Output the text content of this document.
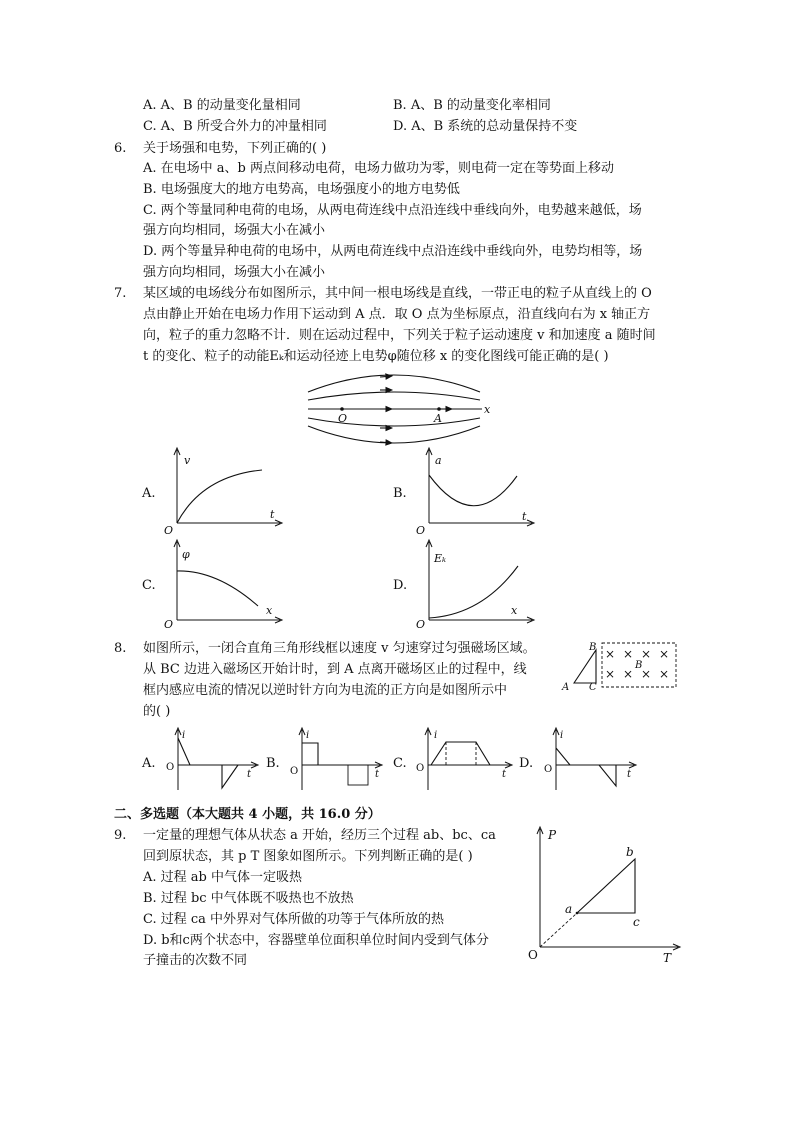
A. A、B 的动量变化量相同	B. A、B 的动量变化率相同
C. A、B 所受合外力的冲量相同	D. A、B 系统的总动量保持不变
6. 关于场强和电势，下列正确的( )
A. 在电场中 a、b 两点间移动电荷，电场力做功为零，则电荷一定在等势面上移动
B. 电场强度大的地方电势高，电场强度小的地方电势低
C. 两个等量同种电荷的电场，从两电荷连线中点沿连线中垂线向外，电势越来越低，场
强方向均相同，场强大小在减小
D. 两个等量异种电荷的电场中，从两电荷连线中点沿连线中垂线向外，电势均相等，场
强方向均相同，场强大小在减小
7. 某区域的电场线分布如图所示，其中间一根电场线是直线，一带正电的粒子从直线上的 O
点由静止开始在电场力作用下运动到 A 点．取 O 点为坐标原点，沿直线向右为 x 轴正方
向，粒子的重力忽略不计．则在运动过程中，下列关于粒子运动速度 v 和加速度 a 随时间
t 的变化、粒子的动能Eₖ和运动径迹上电势φ随位移 x 的变化图线可能正确的是( )
O	A
x
A.
v
t
O
B.
a
t
O
C.
φ
x
O
D.
Eₖ
x
O
8. 如图所示，一闭合直角三角形线框以速度 v 匀速穿过匀强磁场区域。
从 BC 边进入磁场区开始计时，到 A 点离开磁场区止的过程中，线
框内感应电流的情况以逆时针方向为电流的正方向是如图所示中
的( )
B
C
A
× × × ×
× × × ×
B
A.
i
t
O	B.
i
t
O
C.
i
t
O	D.
i
t
O
二、多选题（本大题共 4 小题，共 16.0 分）
9. 一定量的理想气体从状态 a 开始，经历三个过程 ab、bc、ca
回到原状态，其 p T 图象如图所示。下列判断正确的是( )
A. 过程 ab 中气体一定吸热
B. 过程 bc 中气体既不吸热也不放热
C. 过程 ca 中外界对气体所做的功等于气体所放的热
D. b和c两个状态中，容器壁单位面积单位时间内受到气体分
子撞击的次数不同
P
T
O
a
b
c
